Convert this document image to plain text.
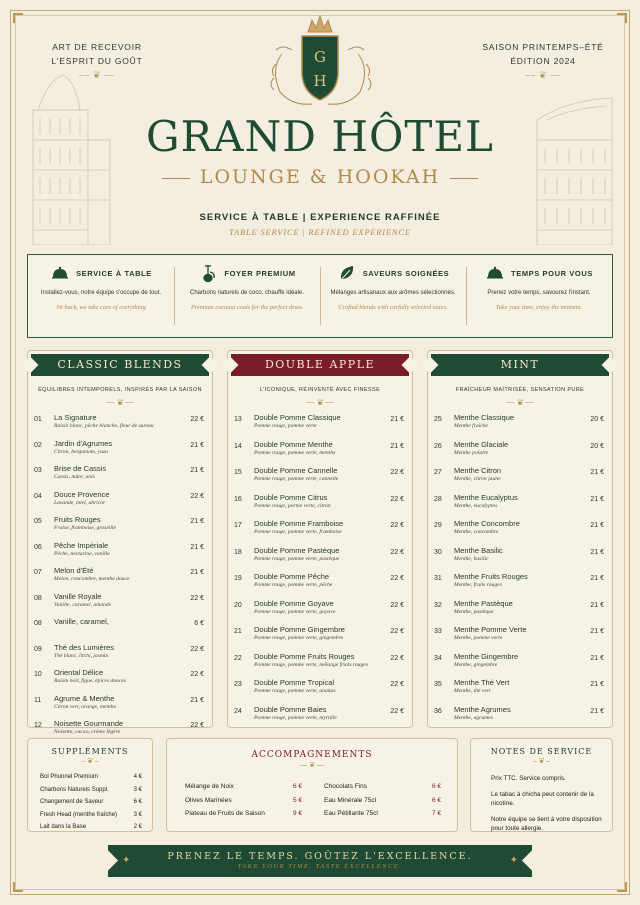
ART DE RECEVOIR
L'ESPRIT DU GOÛT
⎯⎯ ❦ ⎯⎯
SAISON PRINTEMPS–ÉTÉ
ÉDITION 2024
⎯⎯ ❦ ⎯⎯
G
H
GRAND HÔTEL
LOUNGE & HOOKAH
SERVICE À TABLE | EXPERIENCE RAFFINÉE
TABLE SERVICE | REFINED EXPERIENCE
SERVICE À TABLE
Installez-vous, notre équipe s'occupe de tout.
Sit back, we take care of everything
FOYER PREMIUM
Charbons naturels de coco, chauffe idéale.
Premium coconut coals for the perfect draw.
SAVEURS SOIGNÉES
Mélanges artisanaux aux arômes sélectionnés.
Crafted blends with carfully selected notes.
TEMPS POUR VOUS
Prenez votre temps, savourez l'instant.
Take your time, enjoy the moment.
CLASSIC BLENDS
ÉQUILIBRES INTEMPORELS, INSPIRÉS PAR LA SAISON
⎯⎯ ❦ ⎯⎯
01	La Signature
Raisin blanc, pêche blanche, fleur de sureau
22 €
02	Jardin d'Agrumes
Citron, bergamote, yuzu
21 €
03	Brise de Cassis
Cassis, mûre, anis
21 €
04	Douce Provence
Lavande, miel, abricot
22 €
05	Fruits Rouges
Fraise, framboise, groseille
21 €
06	Pêche Impériale
Pêche, nectarine, vanille
21 €
07	Melon d'Été
Melon, concombre, menthe douce
21 €
08	Vanille Royale
Vanille, caramel, amande
22 €
08	Vanille, caramel,	6 €
09	Thé des Lumières
Thé blanc, litchi, jasmin
22 €
10	Oriental Délice
Raisin noir, figue, épices douces
22 €
11	Agrume & Menthe
Citron vert, orange, menthe
21 €
12	Noisette Gourmande
Noisette, cacao, crème légère
22 €
DOUBLE APPLE
L'ICONIQUE, RÉINVENTÉ AVEC FINESSE
⎯⎯ ❦ ⎯⎯
13	Double Pomme Classique
Pomme rouge, pomme verte
21 €
14	Double Pomme Menthe
Pomme rouge, pomme verte, menthe
21 €
15	Double Pomme Cannelle
Pomme rouge, pomme verte, cannelle
22 €
16	Double Pomme Citrus
Pomme rouge, porme verte, citron
22 €
17	Double Pomme Framboise
Pomme rouge, pomme verte, framboise
22 €
18	Double Pomme Pastèque
Pomme rouge, pomme verte, pastèque
22 €
19	Double Pomme Pêche
Pomme rouge, pomme verte, pêche
22 €
20	Double Pomme Goyave
Pomme rouge, pomme verte, goyave
22 €
21	Double Pomme Gingembre
Pomme rouge, pomme verte, gingembre
22 €
22	Double Pomme Fruits Rouges
Pomme rouge, pomme verte, mélange fruits rouges
22 €
23	Double Pomme Tropical
Pomme rouge, pomme verte, ananas
22 €
24	Double Pomme Baies
Pomme rouge, pomme verte, myrtille
22 €
MINT
FRAÎCHEUR MAÎTRISÉE, SENSATION PURE
⎯⎯ ❦ ⎯⎯
25	Menthe Classique
Menthe fraîche
20 €
26	Menthe Glaciale
Menthe polaire
20 €
27	Menthe Citron
Menthe, citron jaune
21 €
28	Menthe Eucalyptus
Menthe, eucalyptes
21 €
29	Menthe Concombre
Menthe, concombre
21 €
30	Menthe Basilic
Menthe, basilic
21 €
31	Menthe Fruits Rouges
Menthe, fruits rouges
21 €
32	Menthe Pastèque
Menthe, pastèque
21 €
33	Menthe Pomme Verte
Menthe, pomme verte
21 €
34	Menthe Gingembre
Menthe, gingembre
21 €
35	Menthe Thé Vert
Menthe, thé vert
21 €
36	Menthe Agrumes
Menthe, agrumes
21 €
SUPPLÉMENTS
⎯ ❦ ⎯
Bol Phunnel Premium	4 €
Charbons Naturels Suppl.	3 €
Changement de Saveur	6 €
Fresh Head (menthe fraîche)	3 €
Lait dans la Base	2 €
ACCOMPAGNEMENTS
⎯⎯ ❦ ⎯⎯
Mélange de Noix	6 €
Olives Marinées	5 €
Plateau de Fruits de Saison	9 €
Chocolats Fins	6 €
Eau Minérale 75cl	6 €
Eau Pétillante 75cl	7 €
NOTES DE SERVICE
⎯ ❦ ⎯

Prix TTC. Service compris.

Le tabac à chicha peut contenir de la nicotine.

Notre équipe se tient à votre disposition pour toute allergie.

✦	✦
PRENEZ LE TEMPS. GOÛTEZ L'EXCELLENCE.
TAKE YOUR TIME. TASTE EXCELLENCE.
